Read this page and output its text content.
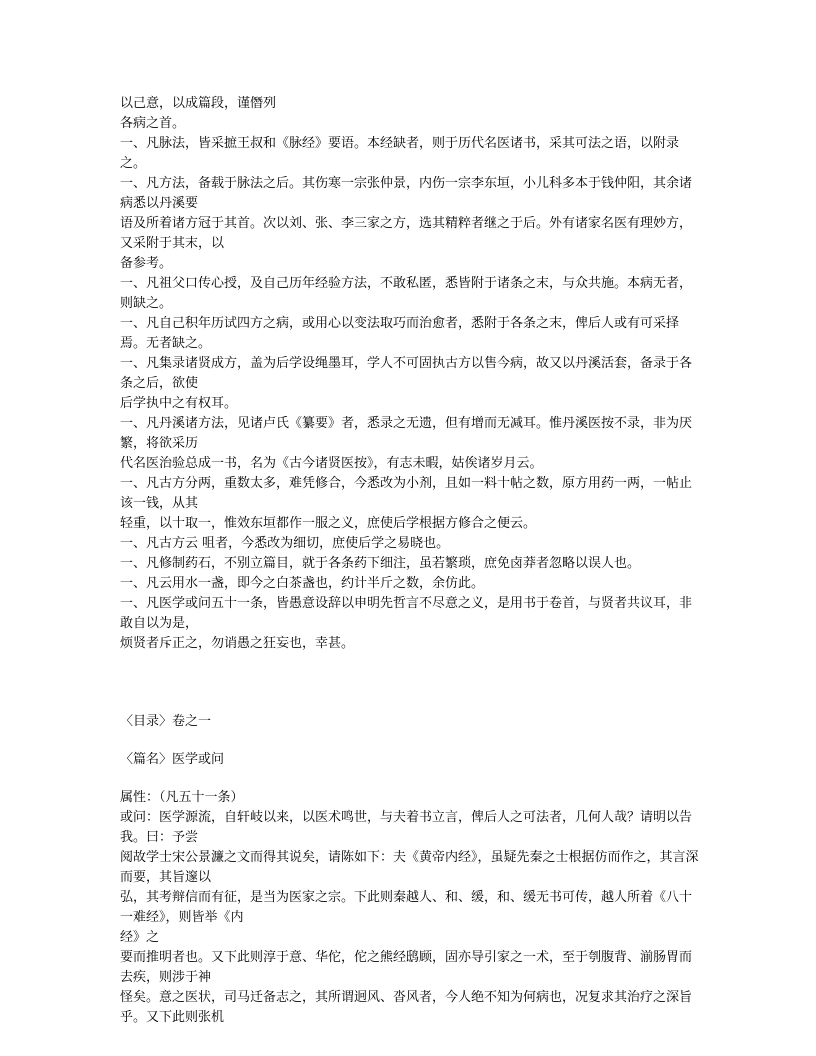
以己意，以成篇段，谨僭列

各病之首。

一、凡脉法，皆采摭王叔和《脉经》要语。本经缺者，则于历代名医诸书，采其可法之语，以附录之。

一、凡方法，备载于脉法之后。其伤寒一宗张仲景，内伤一宗李东垣，小儿科多本于钱仲阳，其余诸病悉以丹溪要

语及所着诸方冠于其首。次以刘、张、李三家之方，选其精粹者继之于后。外有诸家名医有理妙方，又采附于其末，以

备参考。

一、凡祖父口传心授，及自己历年经验方法，不敢私匿，悉皆附于诸条之末，与众共施。本病无者，则缺之。

一、凡自己积年历试四方之病，或用心以变法取巧而治愈者，悉附于各条之末，俾后人或有可采择焉。无者缺之。

一、凡集录诸贤成方，盖为后学设绳墨耳，学人不可固执古方以售今病，故又以丹溪活套，备录于各条之后，欲使

后学执中之有权耳。

一、凡丹溪诸方法，见诸卢氏《纂要》者，悉录之无遗，但有增而无减耳。惟丹溪医按不录，非为厌繁，将欲采历

代名医治验总成一书，名为《古今诸贤医按》，有志未暇，姑俟诸岁月云。

一、凡古方分两，重数太多，难凭修合，今悉改为小剂，且如一料十帖之数，原方用药一两，一帖止该一钱，从其

轻重，以十取一，惟效东垣都作一服之义，庶使后学根据方修合之便云。

一、凡古方云 咀者，今悉改为细切，庶使后学之易晓也。

一、凡修制药石，不别立篇目，就于各条药下细注，虽若繁琐，庶免卤莽者忽略以误人也。

一、凡云用水一盏，即今之白茶盏也，约计半斤之数，余仿此。

一、凡医学或问五十一条，皆愚意设辞以申明先哲言不尽意之义，是用书于卷首，与贤者共议耳，非敢自以为是，

烦贤者斥正之，勿诮愚之狂妄也，幸甚。

〈目录〉卷之一

〈篇名〉医学或问

属性：（凡五十一条）

或问：医学源流，自轩岐以来，以医术鸣世，与夫着书立言，俾后人之可法者，几何人哉？请明以告我。曰：予尝

阅故学士宋公景濂之文而得其说矣，请陈如下：夫《黄帝内经》，虽疑先秦之士根据仿而作之，其言深而要，其旨邃以

弘，其考辩信而有征，是当为医家之宗。下此则秦越人、和、缓，和、缓无书可传，越人所着《八十一难经》，则皆举《内

经》之

要而推明者也。又下此则淳于意、华佗，佗之熊经鸱顾，固亦导引家之一术，至于刳腹背、湔肠胃而去疾，则涉于神

怪矣。意之医状，司马迁备志之，其所谓迥风、沓风者，今人绝不知为何病也，况复求其治疗之深旨乎。又下此则张机
